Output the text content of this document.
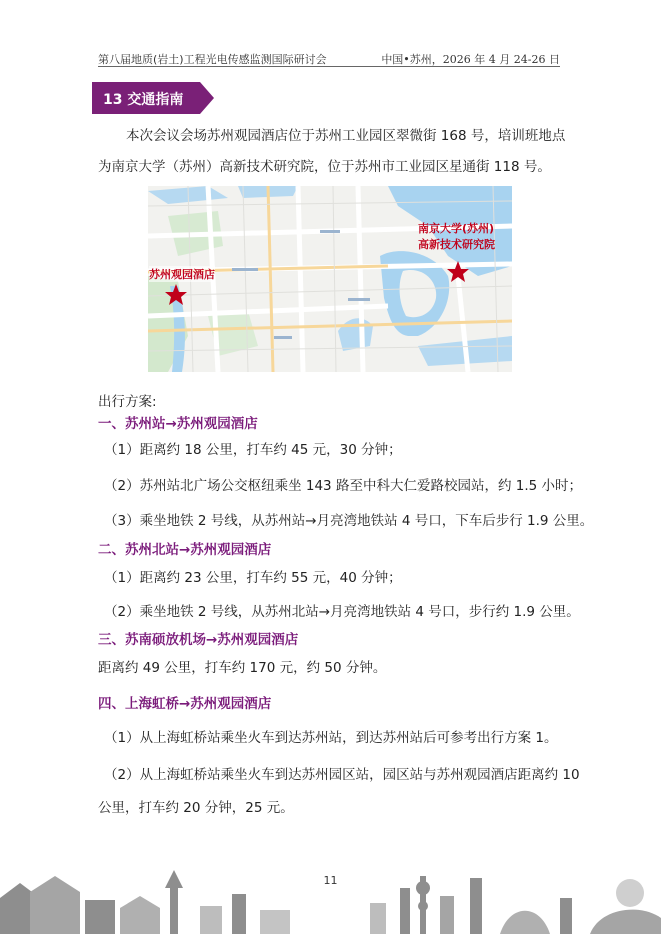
第八届地质(岩土)工程光电传感监测国际研讨会	中国•苏州，2026 年 4 月 24-26 日
13 交通指南
本次会议会场苏州观园酒店位于苏州工业园区翠微街 168 号，培训班地点
为南京大学（苏州）高新技术研究院，位于苏州市工业园区星通街 118 号。
苏州观园酒店
南京大学(苏州)
高新技术研究院
出行方案:
一、苏州站→苏州观园酒店
（1）距离约 18 公里，打车约 45 元，30 分钟；
（2）苏州站北广场公交枢纽乘坐 143 路至中科大仁爱路校园站，约 1.5 小时；
（3）乘坐地铁 2 号线，从苏州站→月亮湾地铁站 4 号口，下车后步行 1.9 公里。
二、苏州北站→苏州观园酒店
（1）距离约 23 公里，打车约 55 元，40 分钟；
（2）乘坐地铁 2 号线，从苏州北站→月亮湾地铁站 4 号口，步行约 1.9 公里。
三、苏南硕放机场→苏州观园酒店
距离约 49 公里，打车约 170 元，约 50 分钟。
四、上海虹桥→苏州观园酒店
（1）从上海虹桥站乘坐火车到达苏州站，到达苏州站后可参考出行方案 1。
（2）从上海虹桥站乘坐火车到达苏州园区站，园区站与苏州观园酒店距离约 10
公里，打车约 20 分钟，25 元。
11
